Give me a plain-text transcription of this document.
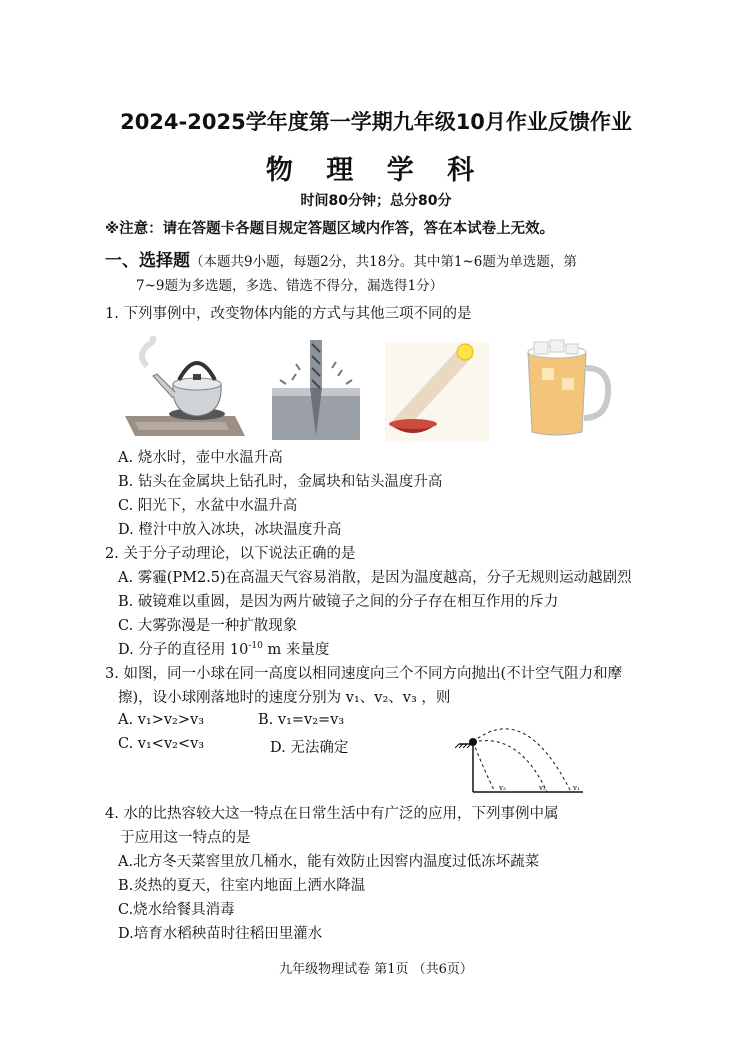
2024-2025学年度第一学期九年级10月作业反馈作业
物 理 学 科
时间80分钟；总分80分
※注意：请在答题卡各题目规定答题区域内作答，答在本试卷上无效。
一、选择题（本题共9小题，每题2分，共18分。其中第1~6题为单选题，第
7~9题为多选题，多选、错选不得分，漏选得1分）
1. 下列事例中，改变物体内能的方式与其他三项不同的是
A. 烧水时，壶中水温升高
B. 钻头在金属块上钻孔时，金属块和钻头温度升高
C. 阳光下，水盆中水温升高
D. 橙汁中放入冰块，冰块温度升高
2. 关于分子动理论，以下说法正确的是
A. 雾霾(PM2.5)在高温天气容易消散，是因为温度越高，分子无规则运动越剧烈
B. 破镜难以重圆，是因为两片破镜子之间的分子存在相互作用的斥力
C. 大雾弥漫是一种扩散现象
D. 分子的直径用 $10^{-10}$ m 来量度
3. 如图，同一小球在同一高度以相同速度向三个不同方向抛出(不计空气阻力和摩
擦)，设小球刚落地时的速度分别为 v₁、v₂、v₃ ，则
A. v₁>v₂>v₃	B. v₁=v₂=v₃
C. v₁<v₂<v₃	D. 无法确定
v₃	v₂	v₁
4. 水的比热容较大这一特点在日常生活中有广泛的应用，下列事例中属
于应用这一特点的是
A.北方冬天菜窖里放几桶水，能有效防止因窖内温度过低冻坏蔬菜
B.炎热的夏天，往室内地面上洒水降温
C.烧水给餐具消毒
D.培育水稻秧苗时往稻田里灌水
九年级物理试卷 第1页 （共6页）
